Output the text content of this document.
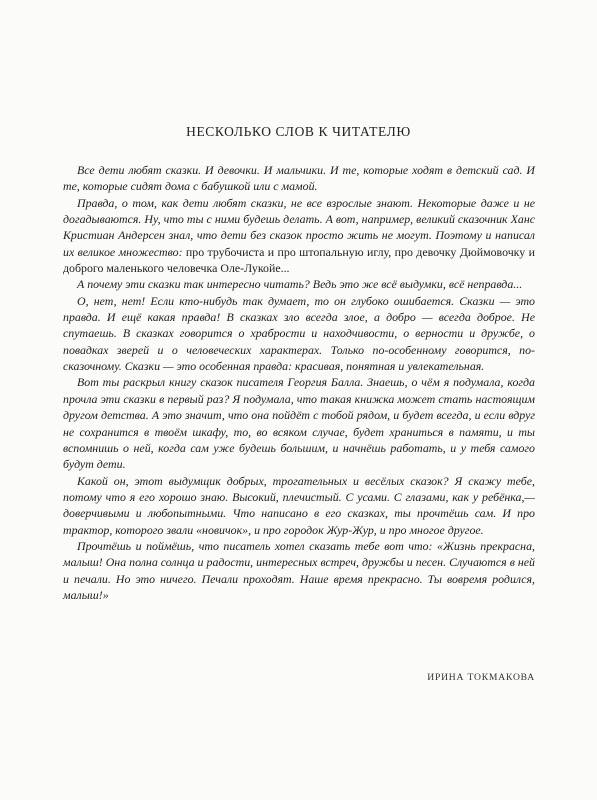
НЕСКОЛЬКО СЛОВ К ЧИТАТЕЛЮ

Все дети любят сказки. И девочки. И мальчики. И те, которые ходят в детский сад. И те, которые сидят дома с бабушкой или с мамой.

Правда, о том, как дети любят сказки, не все взрослые знают. Некоторые даже и не догадываются. Ну, что ты с ними будешь делать. А вот, например, великий сказочник Ханс Кристиан Андерсен знал, что дети без сказок просто жить не могут. Поэтому и написал их великое множество: про трубочиста и про штопальную иглу, про девочку Дюймовочку и доброго маленького человечка Оле-Лукойе...

А почему эти сказки так интересно читать? Ведь это же всё выдумки, всё неправда...

О, нет, нет! Если кто-нибудь так думает, то он глубоко ошибается. Сказки — это правда. И ещё какая правда! В сказках зло всегда злое, а добро — всегда доброе. Не спутаешь. В сказках говорится о храбрости и находчивости, о верности и дружбе, о повадках зверей и о человеческих характерах. Только по-особенному говорится, по-сказочному. Сказки — это особенная правда: красивая, понятная и увлекательная.

Вот ты раскрыл книгу сказок писателя Георгия Балла. Знаешь, о чём я подумала, когда прочла эти сказки в первый раз? Я подумала, что такая книжка может стать настоящим другом детства. А это значит, что она пойдёт с тобой рядом, и будет всегда, и если вдруг не сохранится в твоём шкафу, то, во всяком случае, будет храниться в памяти, и ты вспомнишь о ней, когда сам уже будешь большим, и начнёшь работать, и у тебя самого будут дети.

Какой он, этот выдумщик добрых, трогательных и весёлых сказок? Я скажу тебе, потому что я его хорошо знаю. Высокий, плечистый. С усами. С глазами, как у ребёнка,— доверчивыми и любопытными. Что написано в его сказках, ты прочтёшь сам. И про трактор, которого звали «новичок», и про городок Жур-Жур, и про многое другое.

Прочтёшь и поймёшь, что писатель хотел сказать тебе вот что: «Жизнь прекрасна, малыш! Она полна солнца и радости, интересных встреч, дружбы и песен. Случаются в ней и печали. Но это ничего. Печали проходят. Наше время прекрасно. Ты вовремя родился, малыш!»

ИРИНА ТОКМАКОВА
